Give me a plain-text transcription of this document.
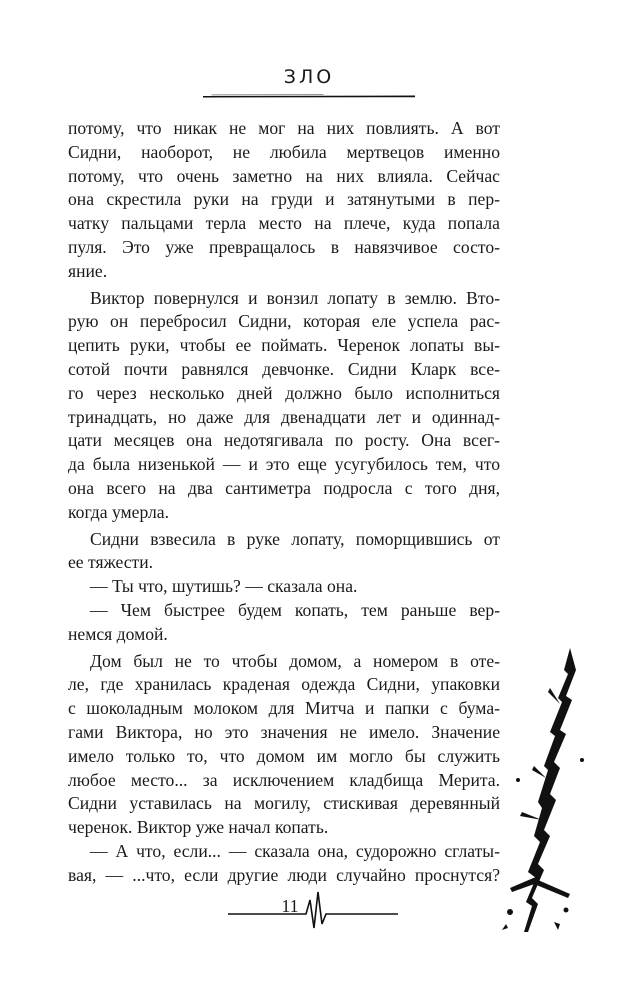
ЗЛО
потому, что никак не мог на них повлиять. А вот
Сидни, наоборот, не любила мертвецов именно
потому, что очень заметно на них влияла. Сейчас
она скрестила руки на груди и затянутыми в пер-
чатку пальцами терла место на плече, куда попала
пуля. Это уже превращалось в навязчивое состо-
яние.
Виктор повернулся и вонзил лопату в землю. Вто-
рую он перебросил Сидни, которая еле успела рас-
цепить руки, чтобы ее поймать. Черенок лопаты вы-
сотой почти равнялся девчонке. Сидни Кларк все-
го через несколько дней должно было исполниться
тринадцать, но даже для двенадцати лет и одиннад-
цати месяцев она недотягивала по росту. Она всег-
да была низенькой — и это еще усугубилось тем, что
она всего на два сантиметра подросла с того дня,
когда умерла.
Сидни взвесила в руке лопату, поморщившись от
ее тяжести.
— Ты что, шутишь? — сказала она.
— Чем быстрее будем копать, тем раньше вер-
немся домой.
Дом был не то чтобы домом, а номером в оте-
ле, где хранилась краденая одежда Сидни, упаковки
с шоколадным молоком для Митча и папки с бума-
гами Виктора, но это значения не имело. Значение
имело только то, что домом им могло бы служить
любое место... за исключением кладбища Мерита.
Сидни уставилась на могилу, стискивая деревянный
черенок. Виктор уже начал копать.
— А что, если... — сказала она, судорожно сглаты-
вая, — ...что, если другие люди случайно проснутся?
11
